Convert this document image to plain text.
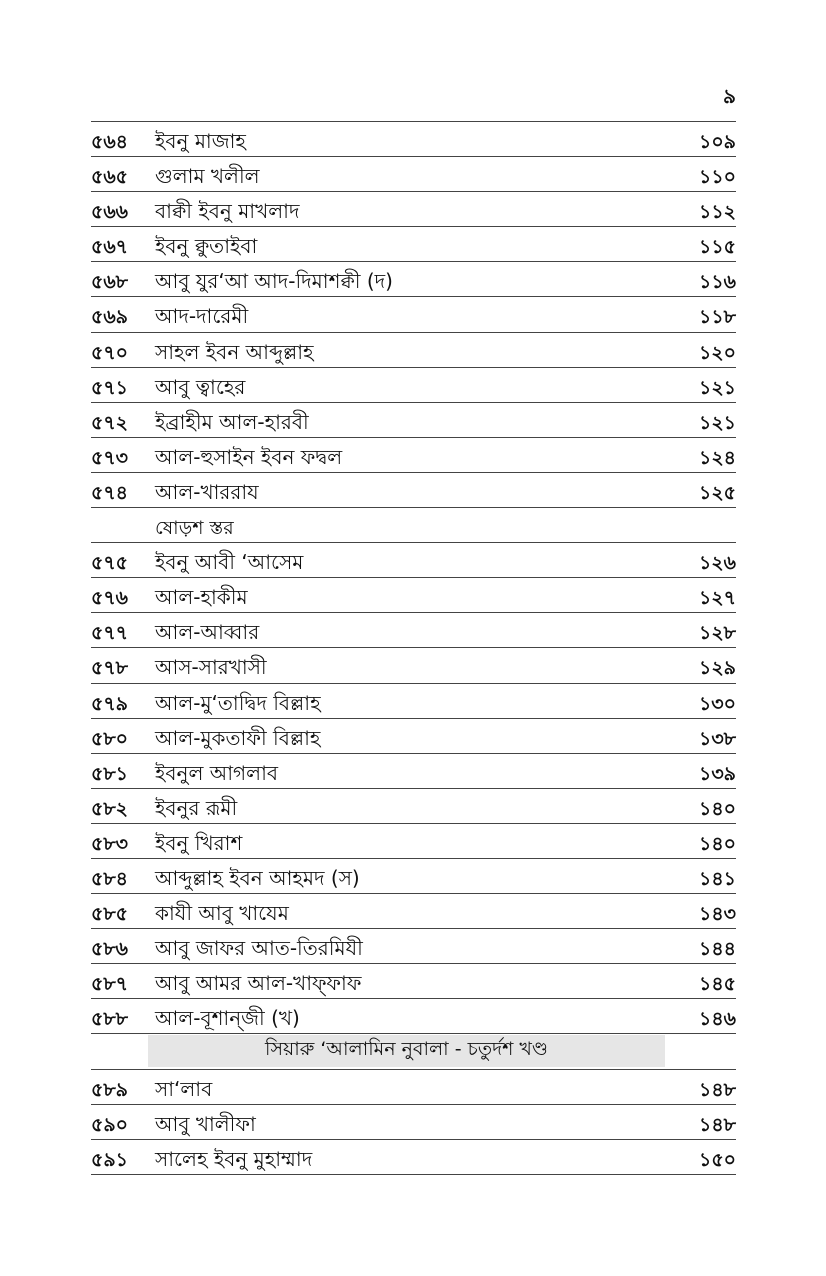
৯
৫৬৪ ইবনু মাজাহ	১০৯
৫৬৫ গুলাম খলীল	১১০
৫৬৬ বাক্বী ইবনু মাখলাদ	১১২
৫৬৭ ইবনু ক্বুতাইবা	১১৫
৫৬৮ আবু যুর‘আ আদ-দিমাশক্বী (দ)	১১৬
৫৬৯ আদ-দারেমী	১১৮
৫৭০ সাহল ইবন আব্দুল্লাহ	১২০
৫৭১ আবু ত্বাহের	১২১
৫৭২ ইব্রাহীম আল-হারবী	১২১
৫৭৩ আল-হুসাইন ইবন ফদ্বল	১২৪
৫৭৪ আল-খাররায	১২৫
ষোড়শ স্তর
৫৭৫ ইবনু আবী ‘আসেম	১২৬
৫৭৬ আল-হাকীম	১২৭
৫৭৭ আল-আব্বার	১২৮
৫৭৮ আস-সারখাসী	১২৯
৫৭৯ আল-মু‘তাদ্বিদ বিল্লাহ	১৩০
৫৮০ আল-মুকতাফী বিল্লাহ	১৩৮
৫৮১ ইবনুল আগলাব	১৩৯
৫৮২ ইবনুর রূমী	১৪০
৫৮৩ ইবনু খিরাশ	১৪০
৫৮৪ আব্দুল্লাহ ইবন আহমদ (স)	১৪১
৫৮৫ কাযী আবু খাযেম	১৪৩
৫৮৬ আবু জাফর আত-তিরমিযী	১৪৪
৫৮৭ আবু আমর আল-খাফ্ফাফ	১৪৫
৫৮৮ আল-বূশান্জী (খ)	১৪৬
সিয়ারু ‘আলামিন নুবালা - চতুর্দশ খণ্ড
৫৮৯ সা‘লাব	১৪৮
৫৯০ আবু খালীফা	১৪৮
৫৯১ সালেহ ইবনু মুহাম্মাদ	১৫০
